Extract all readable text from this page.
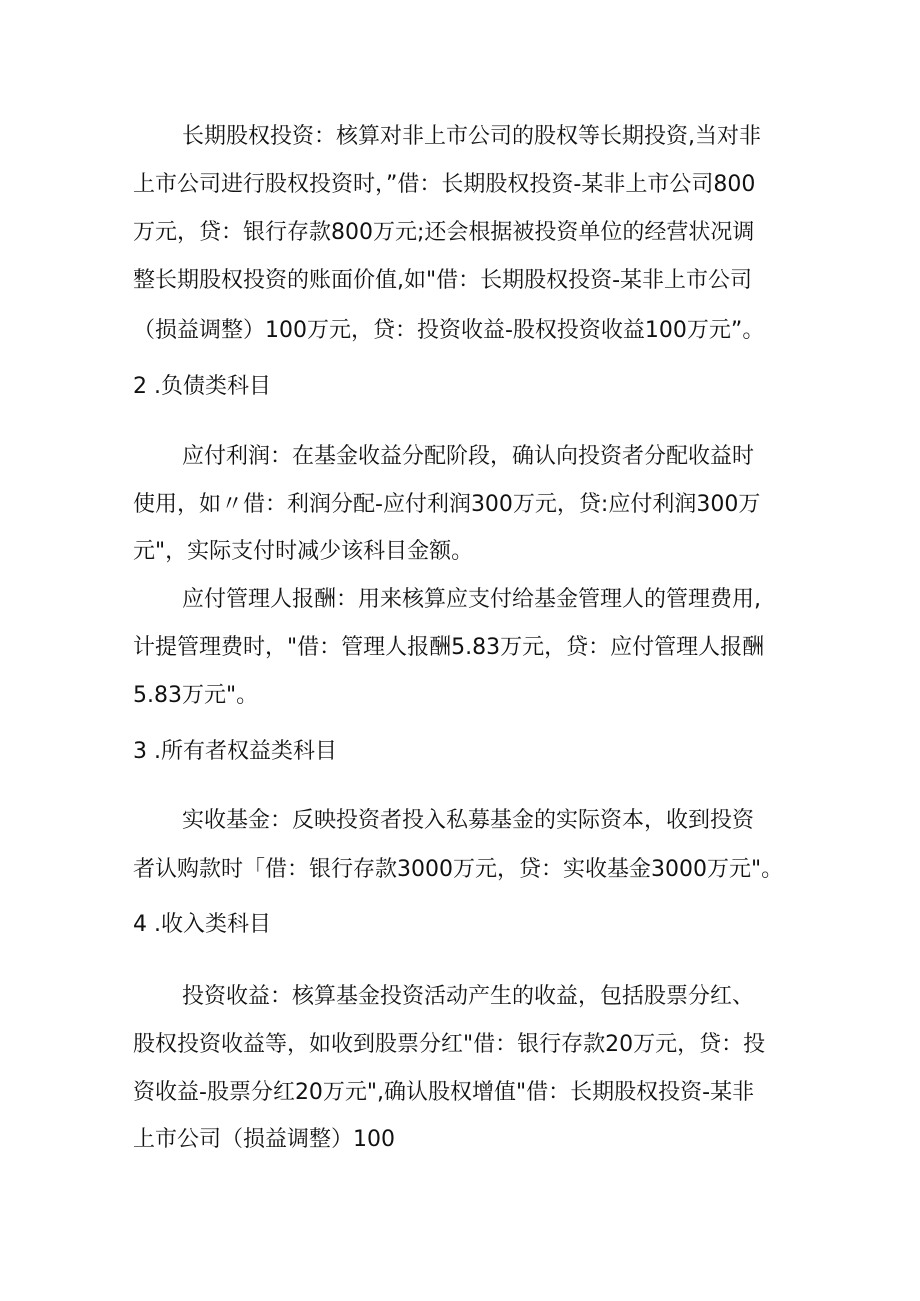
长期股权投资：核算对非上市公司的股权等长期投资,当对非
上市公司进行股权投资时，”借：长期股权投资-某非上市公司800
万元，贷：银行存款800万元;还会根据被投资单位的经营状况调
整长期股权投资的账面价值,如"借：长期股权投资-某非上市公司
（损益调整）100万元，贷：投资收益-股权投资收益100万元”。
2 .负债类科目
应付利润：在基金收益分配阶段，确认向投资者分配收益时
使用，如〃借：利润分配-应付利润300万元，贷:应付利润300万
元"，实际支付时减少该科目金额。
应付管理人报酬：用来核算应支付给基金管理人的管理费用,
计提管理费时，"借：管理人报酬5.83万元，贷：应付管理人报酬
5.83万元"。
3 .所有者权益类科目
实收基金：反映投资者投入私募基金的实际资本，收到投资
者认购款时「借：银行存款3000万元，贷：实收基金3000万元"。
4 .收入类科目
投资收益：核算基金投资活动产生的收益，包括股票分红、
股权投资收益等，如收到股票分红"借：银行存款20万元，贷：投
资收益-股票分红20万元",确认股权增值"借：长期股权投资-某非
上市公司（损益调整）100
